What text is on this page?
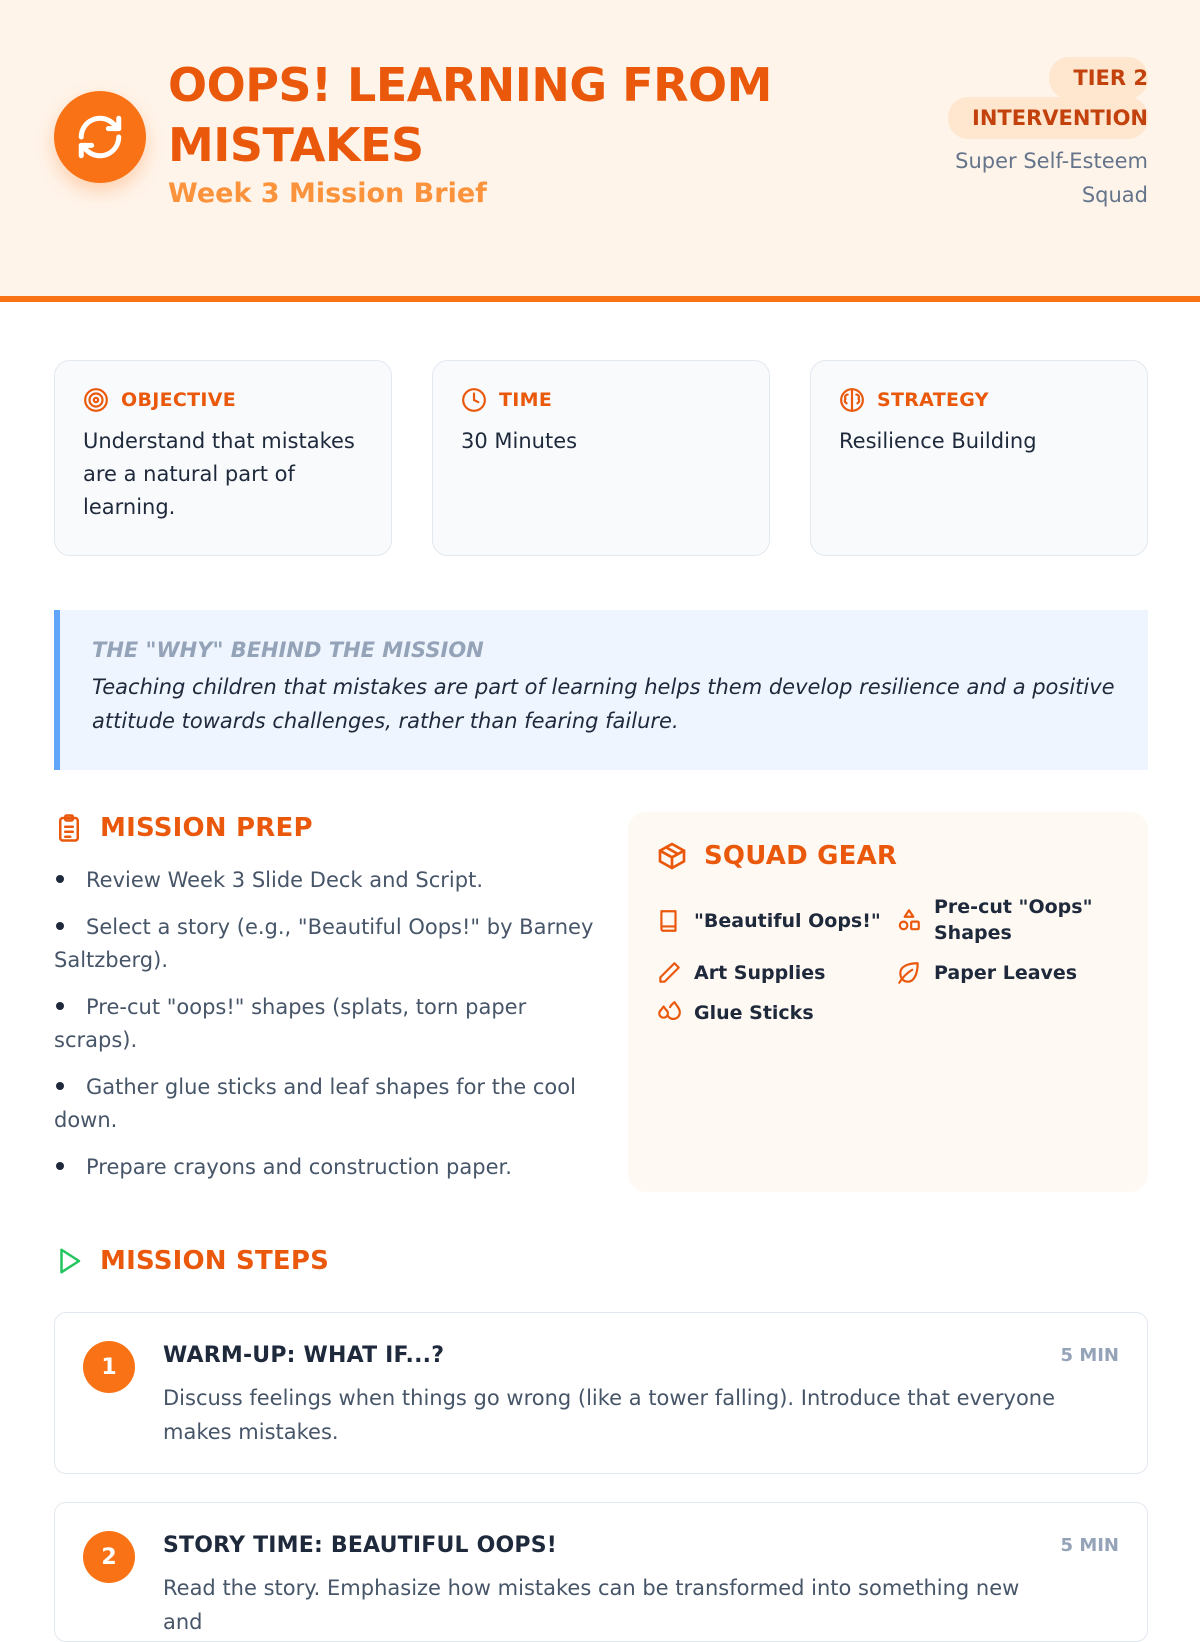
OOPS! LEARNING FROM MISTAKES
Week 3 Mission Brief
TIER 2 INTERVENTION
Super Self-Esteem Squad
OBJECTIVE
Understand that mistakes are a natural part of learning.
TIME
30 Minutes
STRATEGY
Resilience Building
THE "WHY" BEHIND THE MISSION
Teaching children that mistakes are part of learning helps them develop resilience and a positive attitude towards challenges, rather than fearing failure.
MISSION PREP
Review Week 3 Slide Deck and Script.
Select a story (e.g., "Beautiful Oops!" by Barney Saltzberg).
Pre-cut "oops!" shapes (splats, torn paper scraps).
Gather glue sticks and leaf shapes for the cool down.
Prepare crayons and construction paper.
SQUAD GEAR
"Beautiful Oops!"
Pre-cut "Oops" Shapes
Art Supplies	Paper Leaves
Glue Sticks
MISSION STEPS
1	WARM-UP: WHAT IF...?	5 MIN
Discuss feelings when things go wrong (like a tower falling). Introduce that everyone makes mistakes.
2	STORY TIME: BEAUTIFUL OOPS!	5 MIN
Read the story. Emphasize how mistakes can be transformed into something new and
